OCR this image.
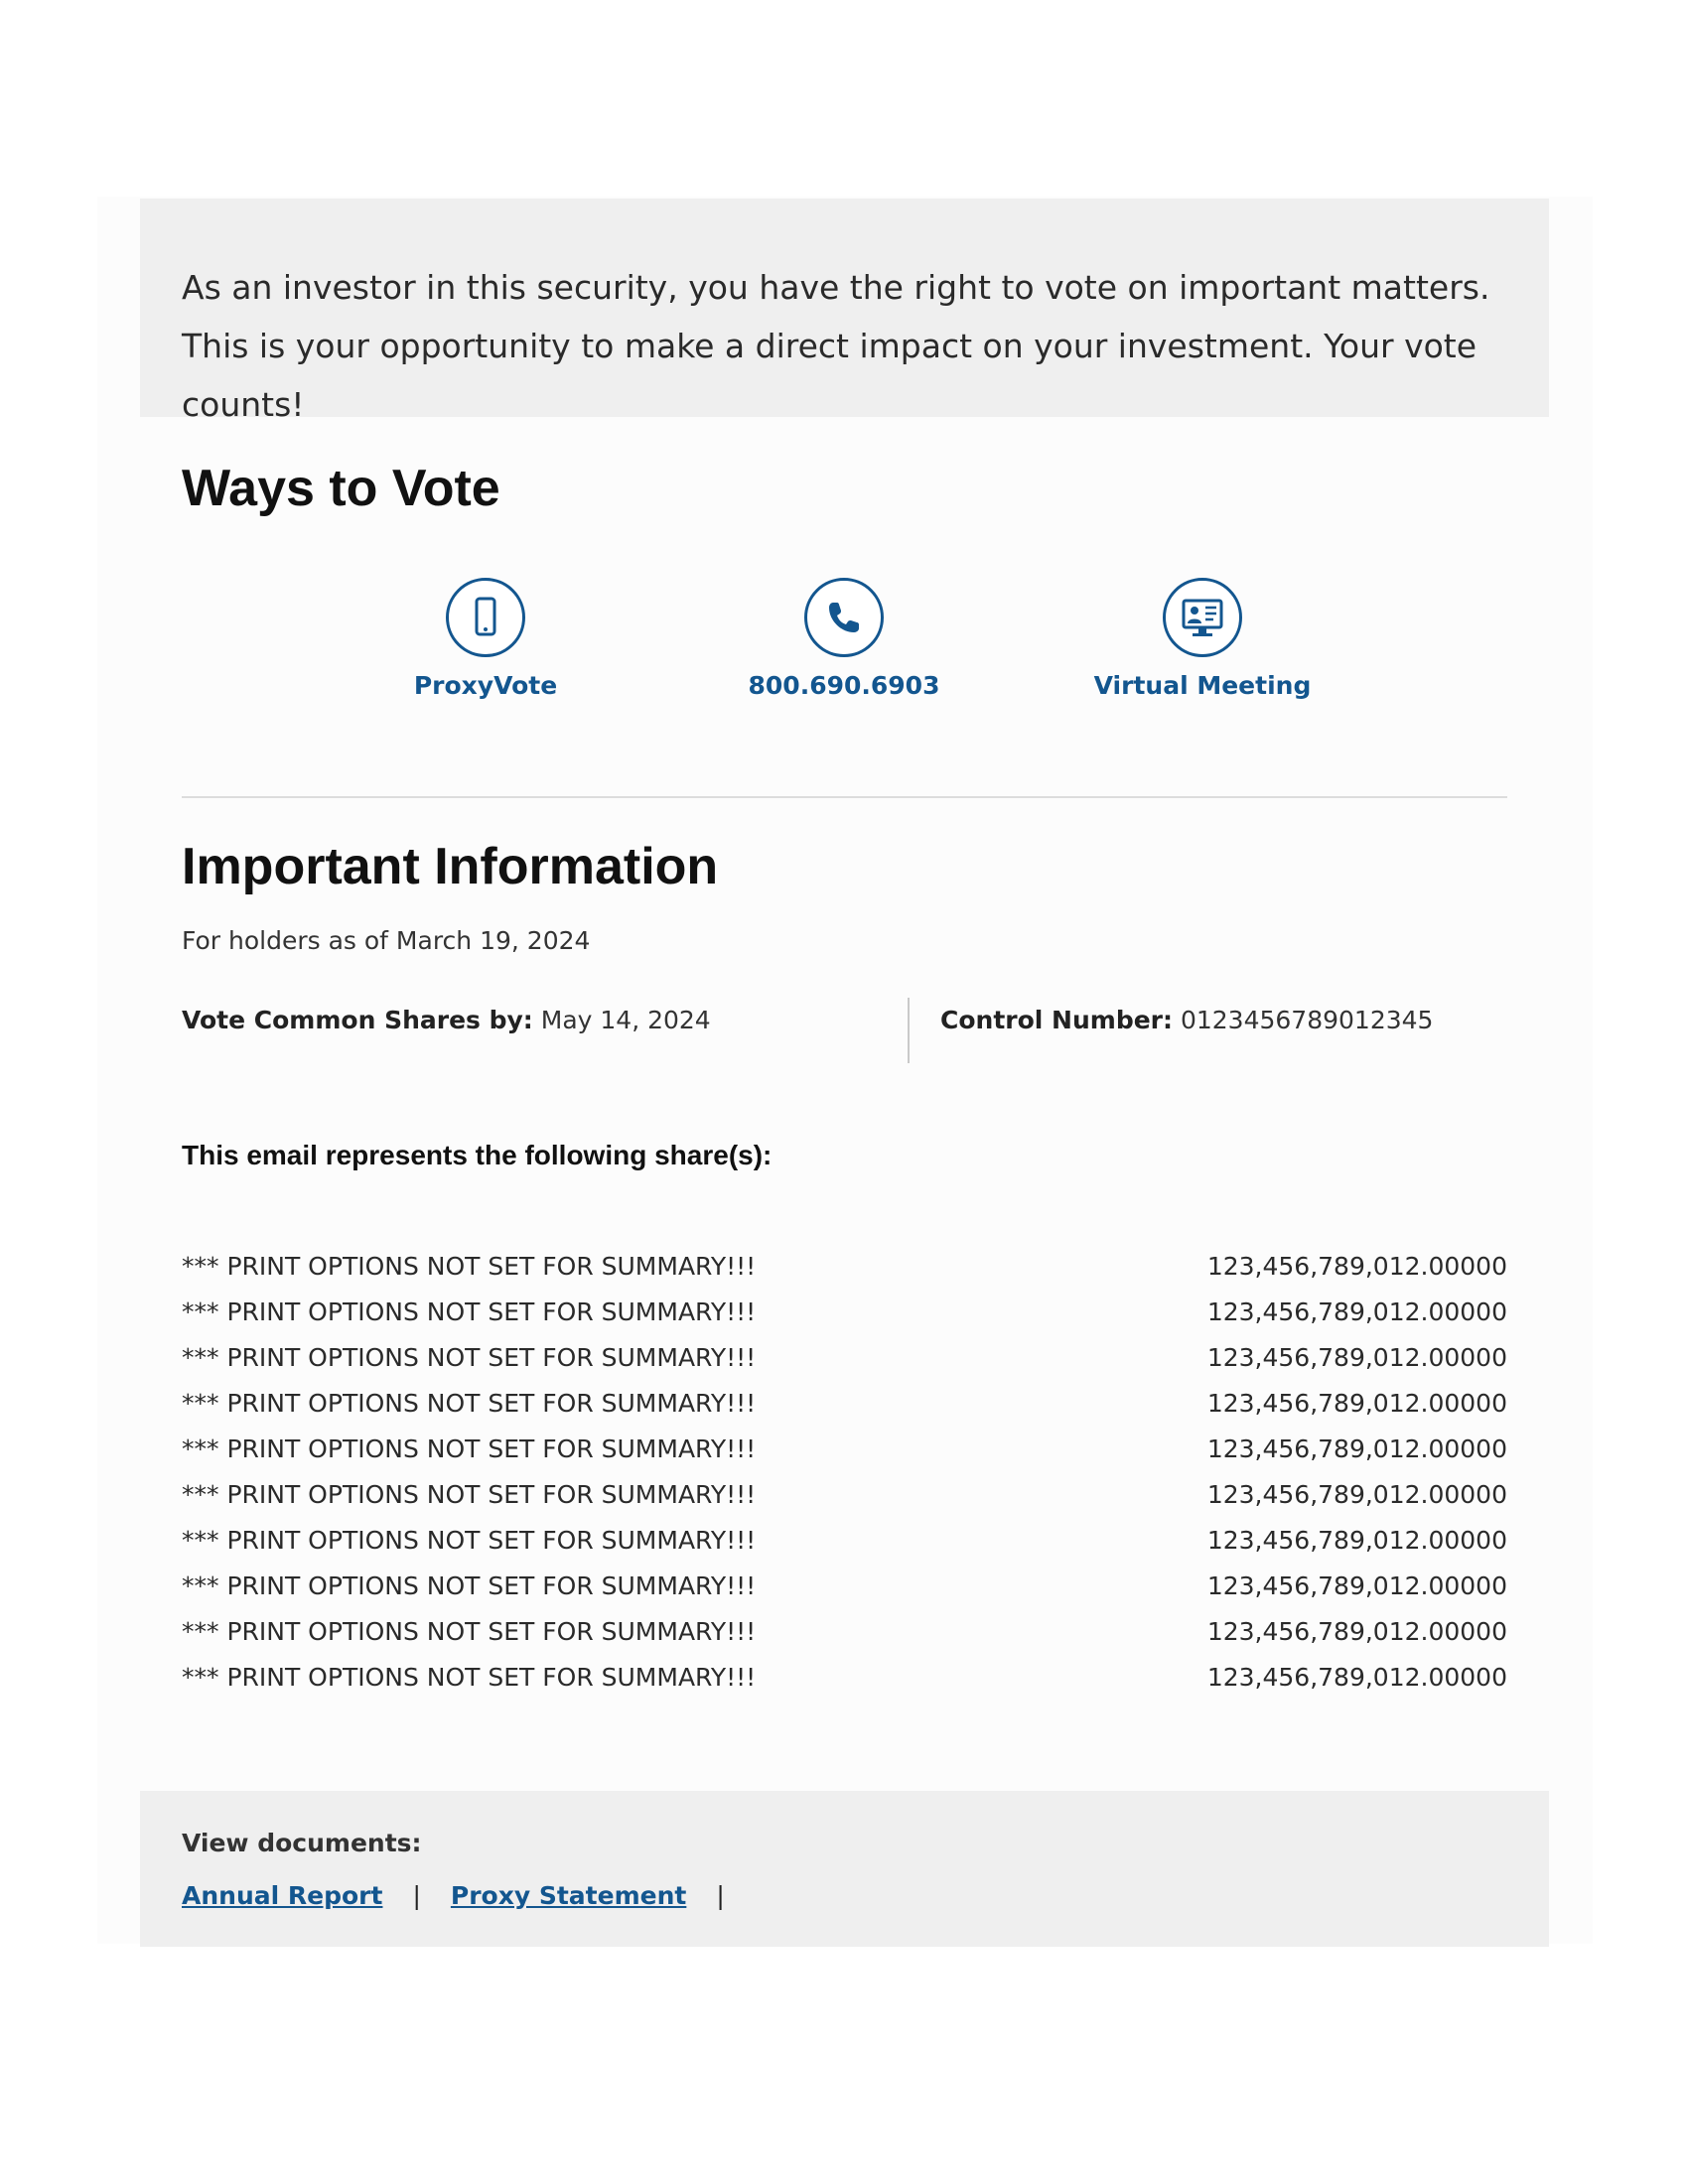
As an investor in this security, you have the right to vote on important matters. This is your opportunity to make a direct impact on your investment. Your vote counts!
Ways to Vote
ProxyVote	800.690.6903	Virtual Meeting
Important Information
For holders as of March 19, 2024
Vote Common Shares by: May 14, 2024	Control Number: 0123456789012345
This email represents the following share(s):
*** PRINT OPTIONS NOT SET FOR SUMMARY!!!	123,456,789,012.00000
*** PRINT OPTIONS NOT SET FOR SUMMARY!!!	123,456,789,012.00000
*** PRINT OPTIONS NOT SET FOR SUMMARY!!!	123,456,789,012.00000
*** PRINT OPTIONS NOT SET FOR SUMMARY!!!	123,456,789,012.00000
*** PRINT OPTIONS NOT SET FOR SUMMARY!!!	123,456,789,012.00000
*** PRINT OPTIONS NOT SET FOR SUMMARY!!!	123,456,789,012.00000
*** PRINT OPTIONS NOT SET FOR SUMMARY!!!	123,456,789,012.00000
*** PRINT OPTIONS NOT SET FOR SUMMARY!!!	123,456,789,012.00000
*** PRINT OPTIONS NOT SET FOR SUMMARY!!!	123,456,789,012.00000
*** PRINT OPTIONS NOT SET FOR SUMMARY!!!	123,456,789,012.00000
View documents:
Annual Report | Proxy Statement |
